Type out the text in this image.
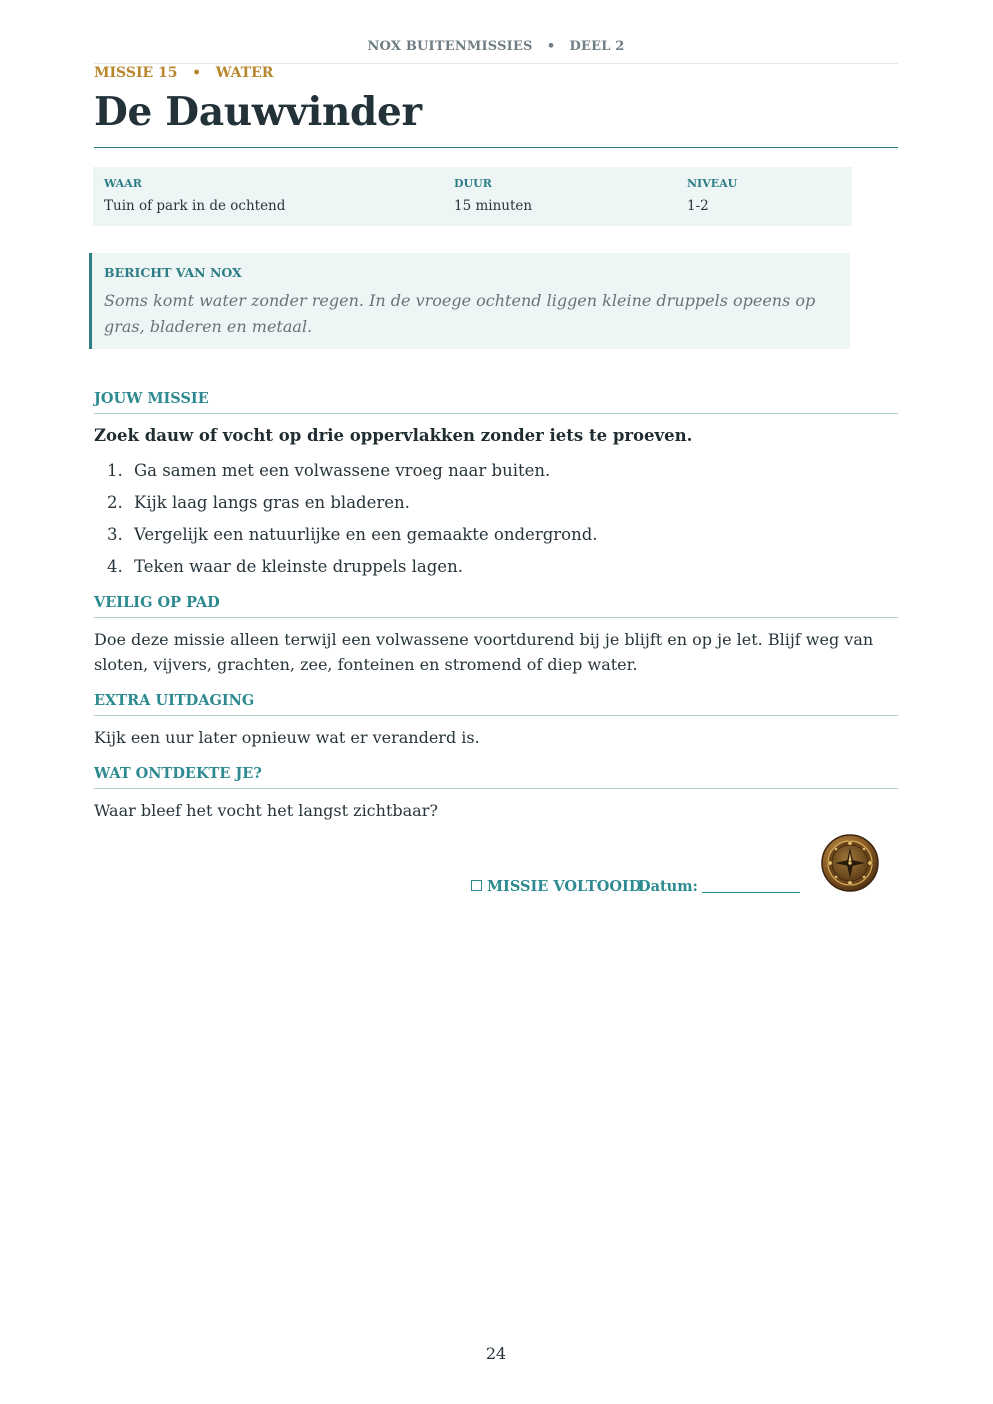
NOX BUITENMISSIES   •   DEEL 2
MISSIE 15   •   WATER
De Dauwvinder
WAAR
Tuin of park in de ochtend
DUUR
15 minuten
NIVEAU
1-2
BERICHT VAN NOX
Soms komt water zonder regen. In de vroege ochtend liggen kleine druppels opeens op gras, bladeren en metaal.
JOUW MISSIE
Zoek dauw of vocht op drie oppervlakken zonder iets te proeven.
1. Ga samen met een volwassene vroeg naar buiten.
2. Kijk laag langs gras en bladeren.
3. Vergelijk een natuurlijke en een gemaakte ondergrond.
4. Teken waar de kleinste druppels lagen.
VEILIG OP PAD
Doe deze missie alleen terwijl een volwassene voortdurend bij je blijft en op je let. Blijf weg van sloten, vijvers, grachten, zee, fonteinen en stromend of diep water.
EXTRA UITDAGING
Kijk een uur later opnieuw wat er veranderd is.
WAT ONTDEKTE JE?
Waar bleef het vocht het langst zichtbaar?
MISSIE VOLTOOID
Datum:
24
